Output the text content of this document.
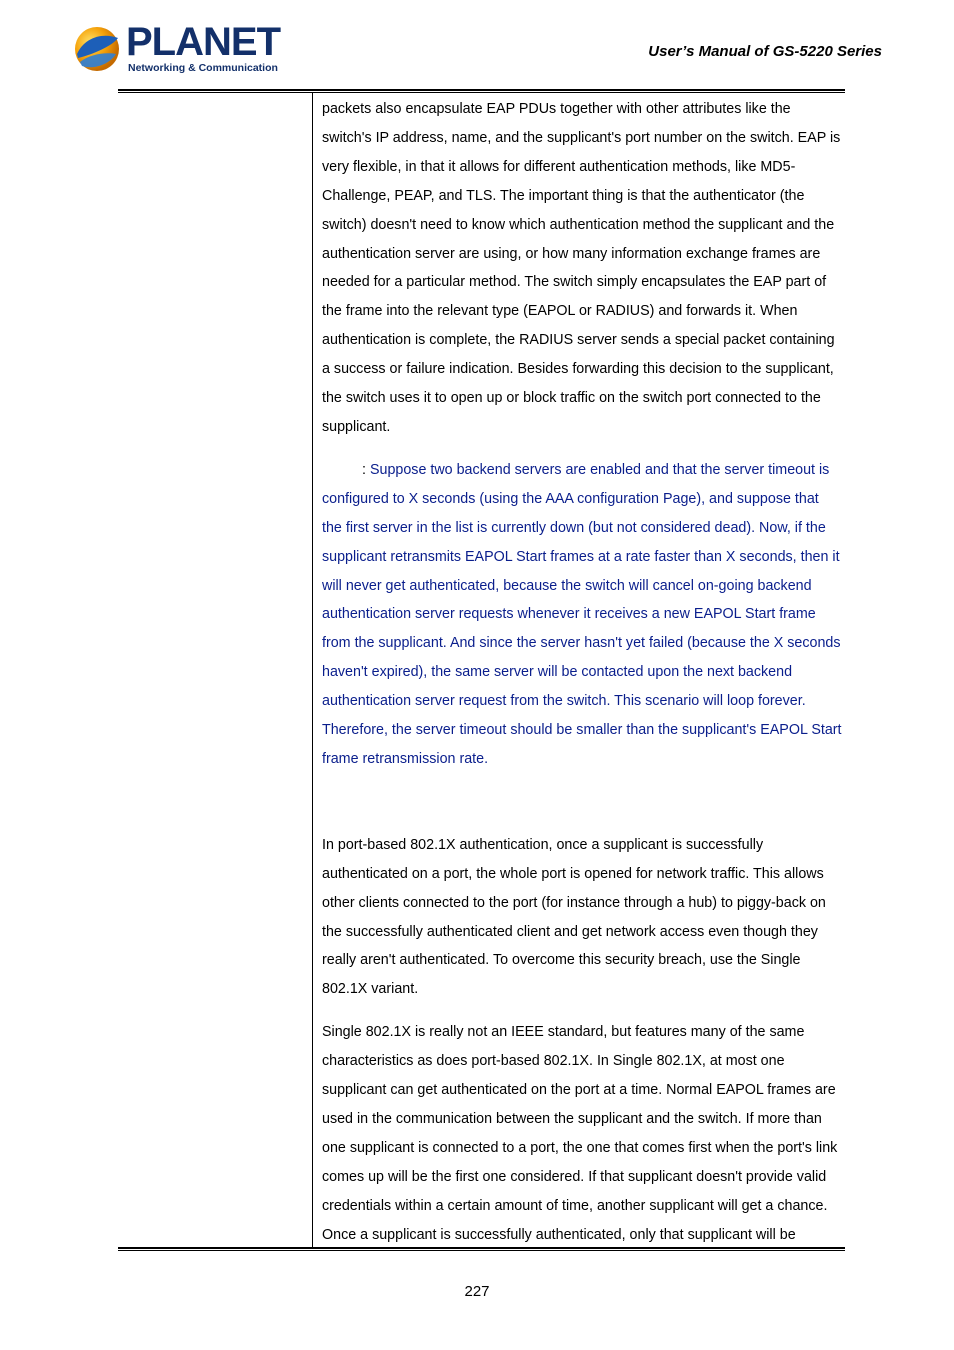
PLANET
Networking & Communication
User’s Manual of GS-5220 Series

packets also encapsulate EAP PDUs together with other attributes like the switch's IP address, name, and the supplicant's port number on the switch. EAP is very flexible, in that it allows for different authentication methods, like MD5-Challenge, PEAP, and TLS. The important thing is that the authenticator (the switch) doesn't need to know which authentication method the supplicant and the authentication server are using, or how many information exchange frames are needed for a particular method. The switch simply encapsulates the EAP part of the frame into the relevant type (EAPOL or RADIUS) and forwards it. When authentication is complete, the RADIUS server sends a special packet containing a success or failure indication. Besides forwarding this decision to the supplicant, the switch uses it to open up or block traffic on the switch port connected to the supplicant.

: Suppose two backend servers are enabled and that the server timeout is configured to X seconds (using the AAA configuration Page), and suppose that the first server in the list is currently down (but not considered dead). Now, if the supplicant retransmits EAPOL Start frames at a rate faster than X seconds, then it will never get authenticated, because the switch will cancel on-going backend authentication server requests whenever it receives a new EAPOL Start frame from the supplicant. And since the server hasn't yet failed (because the X seconds haven't expired), the same server will be contacted upon the next backend authentication server request from the switch. This scenario will loop forever. Therefore, the server timeout should be smaller than the supplicant's EAPOL Start frame retransmission rate.

In port-based 802.1X authentication, once a supplicant is successfully authenticated on a port, the whole port is opened for network traffic. This allows other clients connected to the port (for instance through a hub) to piggy-back on the successfully authenticated client and get network access even though they really aren't authenticated. To overcome this security breach, use the Single 802.1X variant.

Single 802.1X is really not an IEEE standard, but features many of the same characteristics as does port-based 802.1X. In Single 802.1X, at most one supplicant can get authenticated on the port at a time. Normal EAPOL frames are used in the communication between the supplicant and the switch. If more than one supplicant is connected to a port, the one that comes first when the port's link comes up will be the first one considered. If that supplicant doesn't provide valid credentials within a certain amount of time, another supplicant will get a chance. Once a supplicant is successfully authenticated, only that supplicant will be

227
